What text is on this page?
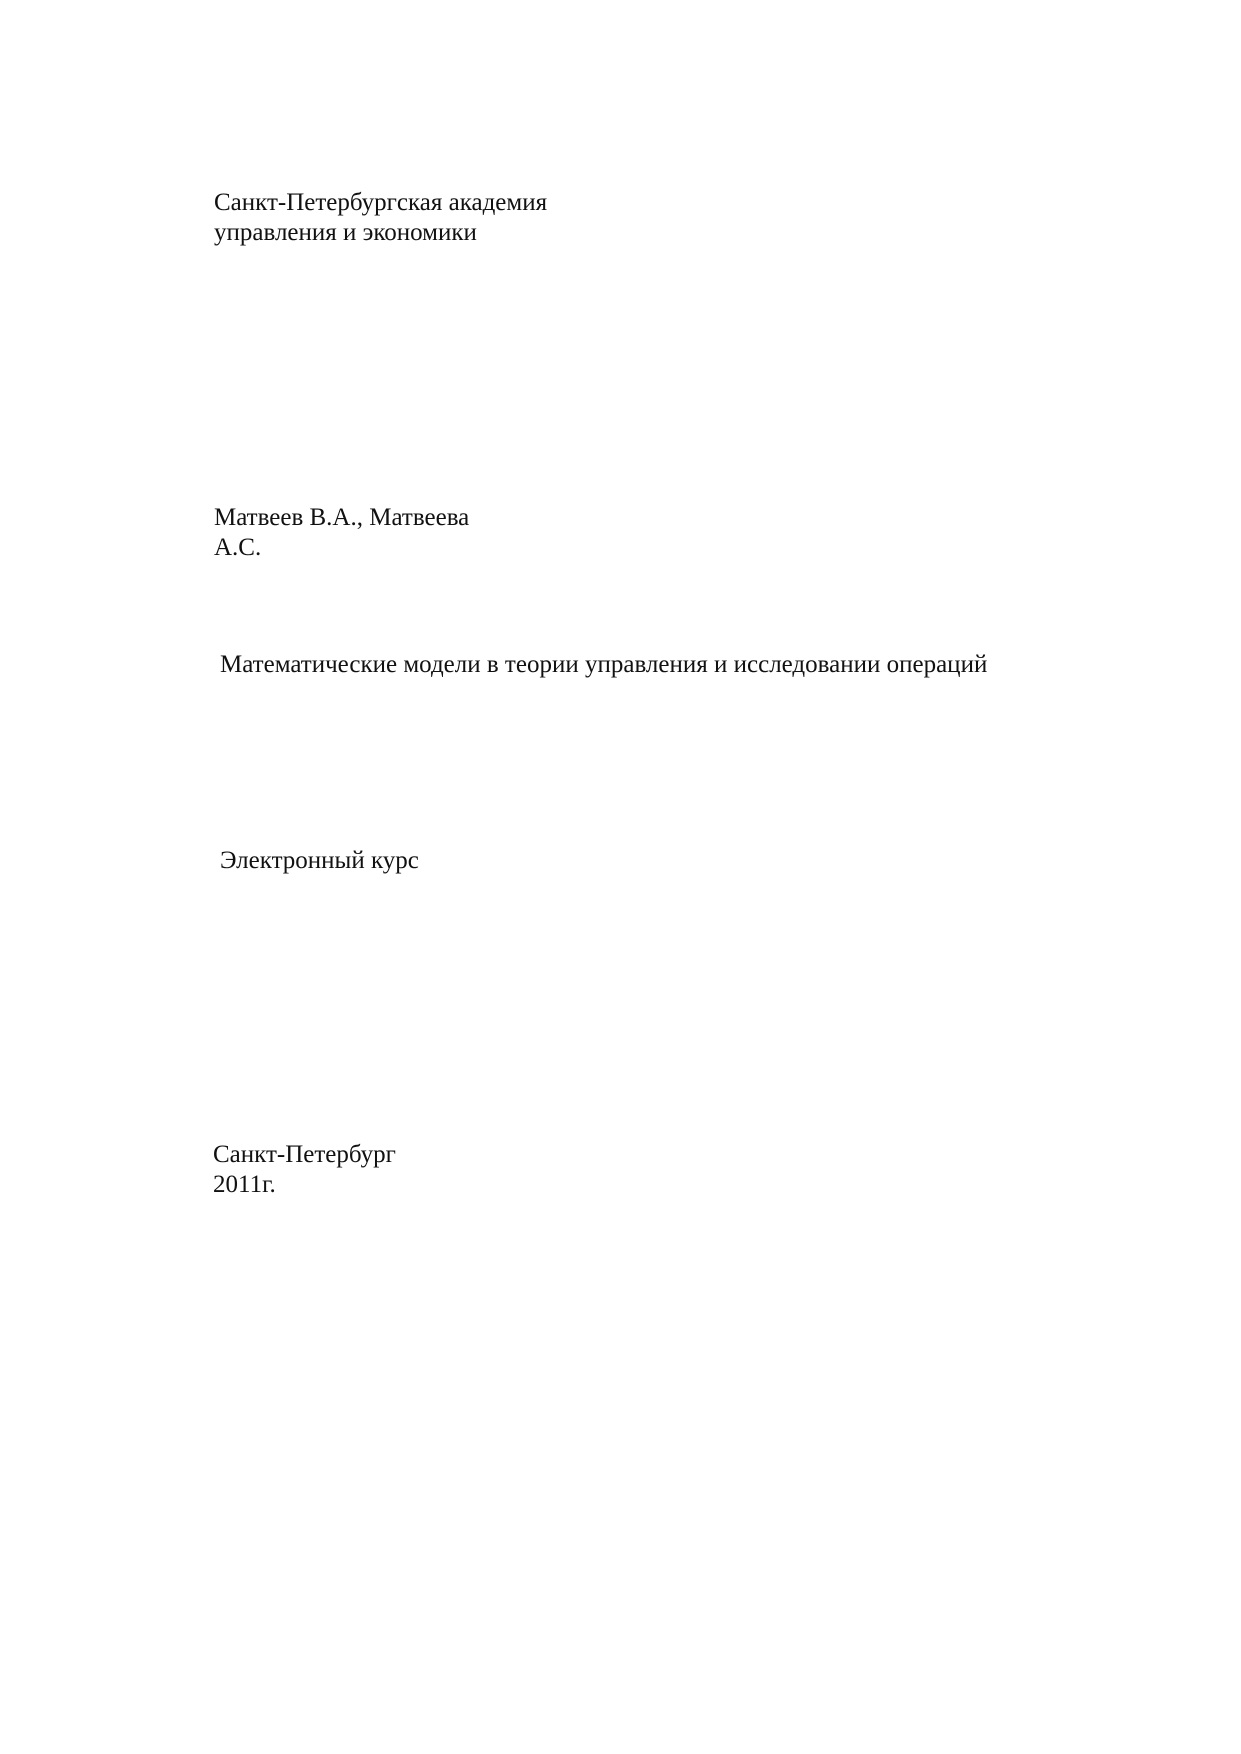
Санкт-Петербургская академия
управления и экономики
Матвеев В.А., Матвеева
А.С.
Математические модели в теории управления и исследовании операций
Электронный курс
Санкт-Петербург
2011г.
